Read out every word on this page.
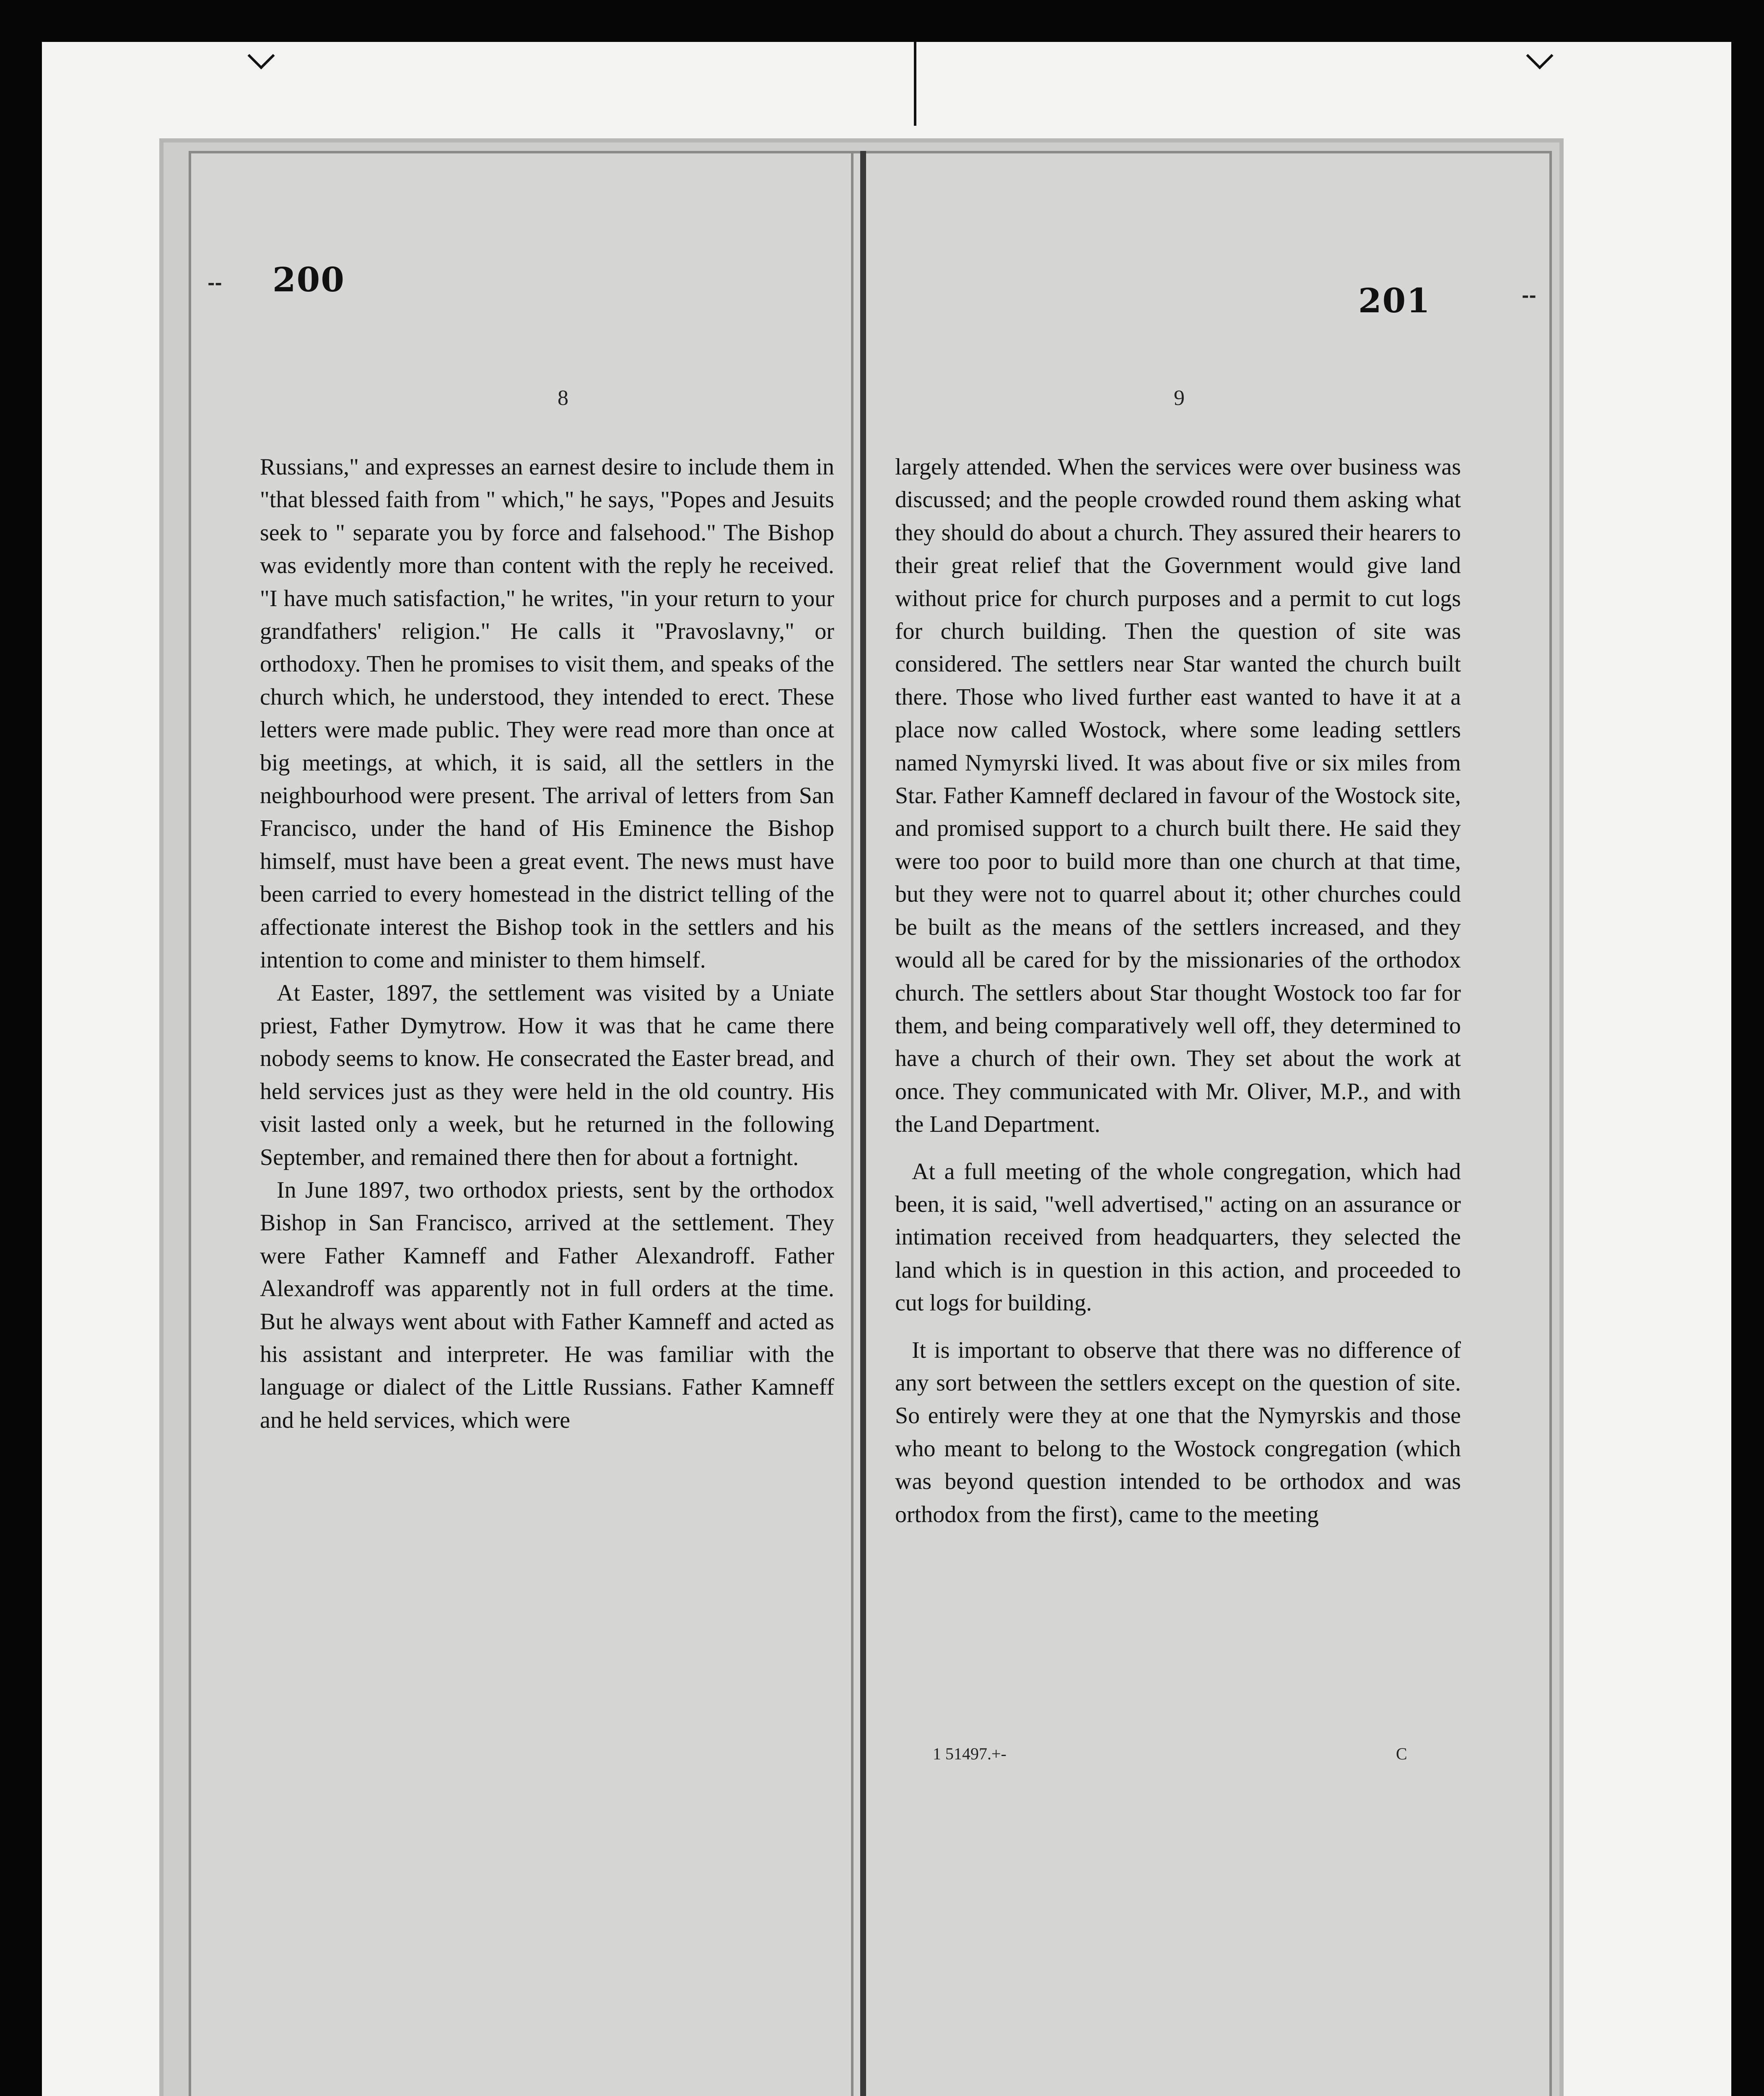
-- 200
201	--
8	9

Russians," and expresses an earnest desire to include them in "that blessed faith from " which," he says, "Popes and Jesuits seek to " separate you by force and falsehood." The Bishop was evidently more than content with the reply he received. "I have much satisfaction," he writes, "in your return to your grandfathers' religion." He calls it "Pravoslavny," or orthodoxy. Then he promises to visit them, and speaks of the church which, he understood, they intended to erect. These letters were made public. They were read more than once at big meetings, at which, it is said, all the settlers in the neighbourhood were present. The arrival of letters from San Francisco, under the hand of His Eminence the Bishop himself, must have been a great event. The news must have been carried to every homestead in the district telling of the affectionate interest the Bishop took in the settlers and his intention to come and minister to them himself.

At Easter, 1897, the settlement was visited by a Uniate priest, Father Dymytrow. How it was that he came there nobody seems to know. He consecrated the Easter bread, and held services just as they were held in the old country. His visit lasted only a week, but he returned in the following September, and remained there then for about a fortnight.

In June 1897, two orthodox priests, sent by the orthodox Bishop in San Francisco, arrived at the settlement. They were Father Kamneff and Father Alexandroff. Father Alexandroff was apparently not in full orders at the time. But he always went about with Father Kamneff and acted as his assistant and interpreter. He was familiar with the language or dialect of the Little Russians. Father Kamneff and he held services, which were

largely attended. When the services were over business was discussed; and the people crowded round them asking what they should do about a church. They assured their hearers to their great relief that the Government would give land without price for church purposes and a permit to cut logs for church building. Then the question of site was considered. The settlers near Star wanted the church built there. Those who lived further east wanted to have it at a place now called Wostock, where some leading settlers named Nymyrski lived. It was about five or six miles from Star. Father Kamneff declared in favour of the Wostock site, and promised support to a church built there. He said they were too poor to build more than one church at that time, but they were not to quarrel about it; other churches could be built as the means of the settlers increased, and they would all be cared for by the missionaries of the orthodox church. The settlers about Star thought Wostock too far for them, and being comparatively well off, they determined to have a church of their own. They set about the work at once. They communicated with Mr. Oliver, M.P., and with the Land Department.

At a full meeting of the whole congregation, which had been, it is said, "well advertised," acting on an assurance or intimation received from headquarters, they selected the land which is in question in this action, and proceeded to cut logs for building.

It is important to observe that there was no difference of any sort between the settlers except on the question of site. So entirely were they at one that the Nymyrskis and those who meant to belong to the Wostock congregation (which was beyond question intended to be orthodox and was orthodox from the first), came to the meeting

1 51497.+-	C
